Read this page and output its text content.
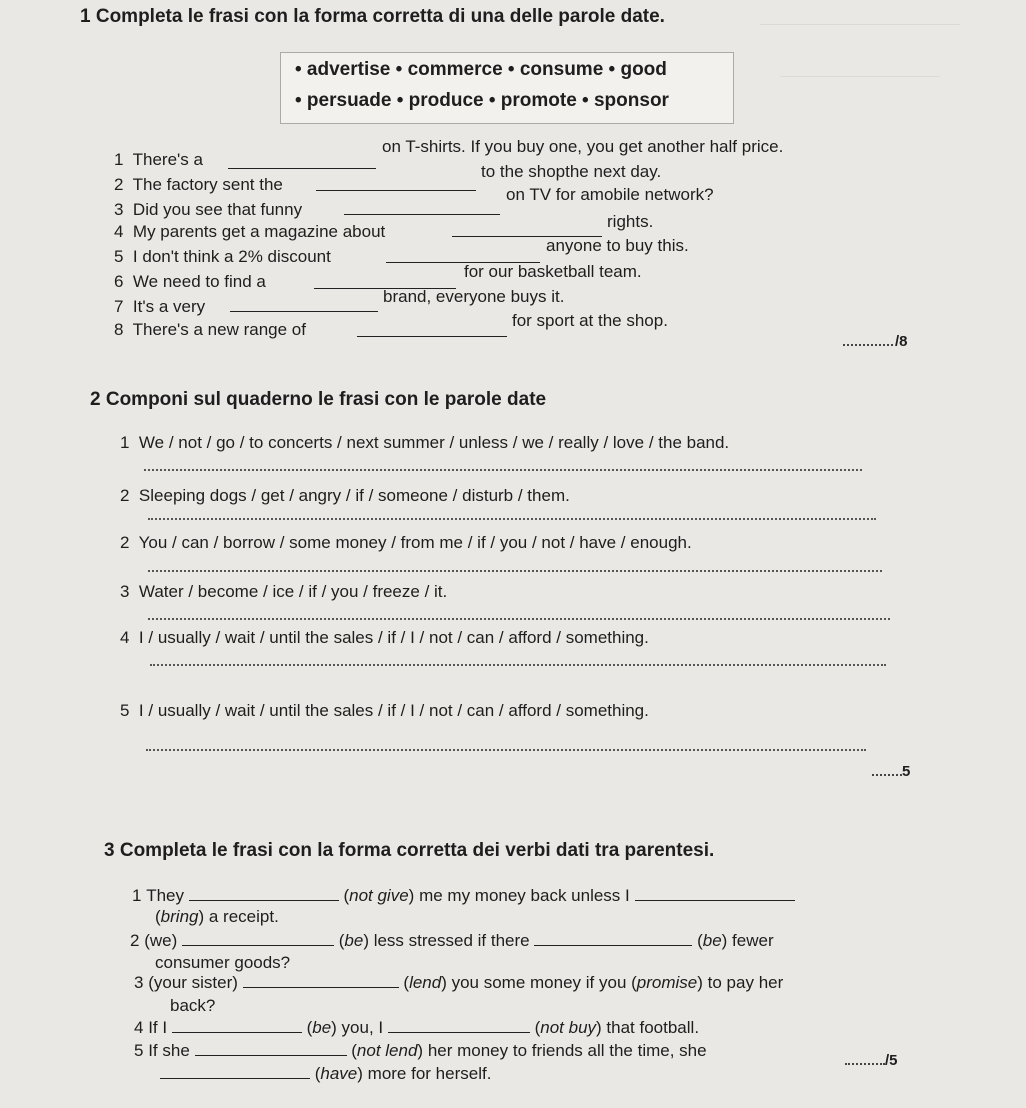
1 Completa le frasi con la forma corretta di una delle parole date.
• advertise • commerce • consume • good
• persuade • produce • promote • sponsor
1 There's a
on T-shirts. If you buy one, you get another half price.
2 The factory sent the
to the shopthe next day.
3 Did you see that funny
on TV for amobile network?
4 My parents get a magazine about
rights.
5 I don't think a 2% discount
anyone to buy this.
6 We need to find a
for our basketball team.
7 It's a very
brand, everyone buys it.
8 There's a new range of	for sport at the shop.
/8
2 Componi sul quaderno le frasi con le parole date
1 We / not / go / to concerts / next summer / unless / we / really / love / the band.
2 Sleeping dogs / get / angry / if / someone / disturb / them.
2 You / can / borrow / some money / from me / if / you / not / have / enough.
3 Water / become / ice / if / you / freeze / it.
4 I / usually / wait / until the sales / if / I / not / can / afford / something.
5 I / usually / wait / until the sales / if / I / not / can / afford / something.
5
3 Completa le frasi con la forma corretta dei verbi dati tra parentesi.
1 They	(not give) me my money back unless I
(bring) a receipt.
2 (we)	(be) less stressed if there	(be) fewer
consumer goods?
3 (your sister)	(lend) you some money if you (promise) to pay her
back?
4 If I	(be) you, I	(not buy) that football.
5 If she	(not lend) her money to friends all the time, she
(have) more for herself.
/5
